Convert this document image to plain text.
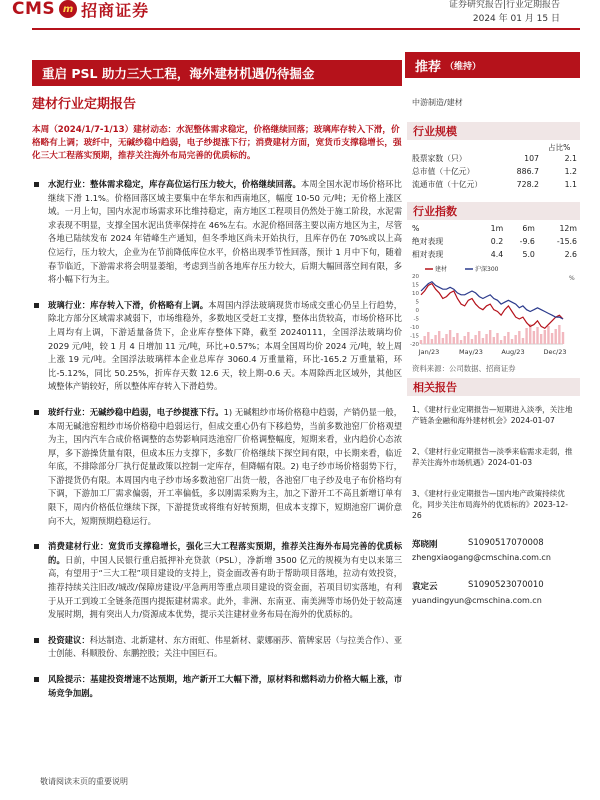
CMS m 招商证券	证券研究报告|行业定期报告
2024 年 01 月 15 日
重启 PSL 助力三大工程，海外建材机遇仍待掘金	推荐 （维持）
建材行业定期报告	中游制造/建材

本周（2024/1/7-1/13）建材动态：水泥整体需求稳定，价格继续回落；玻璃库存转入下滑，价格略有上调；玻纤中，无碱纱稳中趋弱，电子纱提涨下行；消费建材方面，宽货币支撑稳增长，强化三大工程落实预期，推荐关注海外布局完善的优质标的。

水泥行业：整体需求稳定，库存高位运行压力较大，价格继续回落。本周全国水泥市场价格环比继续下滑 1.1%。价格回落区域主要集中在华东和西南地区，幅度 10-50 元/吨；无价格上涨区域。一月上旬，国内水泥市场需求环比维持稳定，南方地区工程项目仍然处于施工阶段，水泥需求表现不明显，支撑全国水泥出货率保持在 46%左右。水泥价格回落主要以南方地区为主，尽管各地已陆续发布 2024 年错峰生产通知，但冬季地区尚未开始执行，且库存仍在 70%或以上高位运行，压力较大，企业为在节前降低库位水平，价格出现季节性回落，预计 1 月中下旬，随着春节临近，下游需求将会明显萎缩，考虑到当前各地库存压力较大，后期大幅回落空间有限，多将小幅下行为主。

玻璃行业：库存转入下滑，价格略有上调。本周国内浮法玻璃现货市场成交重心仍呈上行趋势，除北方部分区域需求减弱下，市场维稳外，多数地区受赶工支撑，整体出货较高，市场价格环比上周均有上调，下游适量备货下，企业库存整体下降，截至 20240111，全国浮法玻璃均价 2029 元/吨，较 1 月 4 日增加 11 元/吨，环比+0.57%；本周全国周均价 2024 元/吨，较上周上涨 19 元/吨。全国浮法玻璃样本企业总库存 3060.4 万重量箱，环比-165.2 万重量箱，环比-5.12%，同比 50.25%，折库存天数 12.6 天，较上期-0.6 天。本周除西北区域外，其他区域整体产销较好，所以整体库存转入下滑趋势。

玻纤行业：无碱纱稳中趋弱，电子纱提涨下行。1) 无碱粗纱市场价格稳中趋弱，产销仍显一般，本周无碱池窑粗纱市场价格稳中趋弱运行，但成交重心仍有下移趋势，当前多数池窑厂价格观望为主，国内汽车合成价格调整的态势影响同迭池窑厂价格调整幅度，短期来看，业内趋价心态浓厚，多下游操货量有限，但成本压力支撑下，多数厂价格继续下探空间有限，中长期来看，临近年底，不排除部分厂执行促量政策以控制一定库存，但降幅有限。2) 电子纱市场价格弱势下行，下游提货仍有限。本周国内电子纱市场多数池窑厂出货一般，各池窑厂电子纱及电子布价格均有下调，下游加工厂需求偏弱，开工率偏低，多以刚需采购为主，加之下游开工不高且新增订单有限下，周内价格低位继续下探，下游提货或将维有好转预期，但成本支撑下，短期池窑厂调价意向不大，短期预期趋稳运行。

消费建材行业：宽货币支撑稳增长，强化三大工程落实预期，推荐关注海外布局完善的优质标的。日前，中国人民银行重启抵押补充贷款（PSL），净新增 3500 亿元的规模为有史以来第三高，有望用于“三大工程”项目建设的支持上，资金面改善有助于帮助项目落地，拉动有效投资，推荐持续关注旧改/城改/保障房建设/平急两用等重点项目建设的资金面，若项目切实落地，有利于从开工到竣工全链条范围内提振建材需求。此外，非洲、东南亚、南美洲等市场仍处于较高速发展时期，拥有突出人力/资源成本优势，提示关注建材业务布局在海外的优质标的。

投资建议：科达制造、北新建材、东方雨虹、伟星新材、蒙娜丽莎、箭牌家居（与拉美合作）、亚士创能、科顺股份、东鹏控股；关注中国巨石。

风险提示：基建投资增速不达预期，地产新开工大幅下滑，原材料和燃料动力价格大幅上涨，市场竞争加剧。

行业规模
占比%
股票家数（只）	107	2.1
总市值（十亿元）	886.7	1.2
流通市值（十亿元）	728.2	1.1
行业指数
%	1m	6m	12m
绝对表现	0.2	-9.6	-15.6
相对表现	4.4	5.0	2.6
建材	沪深300
20
15
10
5
0
-5
-10
-15
-20
Jan/23	May/23	Aug/23	Dec/23
%
资料来源：公司数据、招商证券
相关报告
1、《建材行业定期报告—短期进入淡季，关注地产链条金融和海外建材机会》2024-01-07
2、《建材行业定期报告—淡季来临需求走弱，推荐关注海外市场机遇》2024-01-03
3、《建材行业定期报告—国内地产政策持续优化，同步关注布局海外的优质标的》2023-12-26
郑晓刚	S1090517070008
zhengxiaogang@cmschina.com.cn
袁定云	S1090523070010
yuandingyun@cmschina.com.cn
敬请阅读末页的重要说明
